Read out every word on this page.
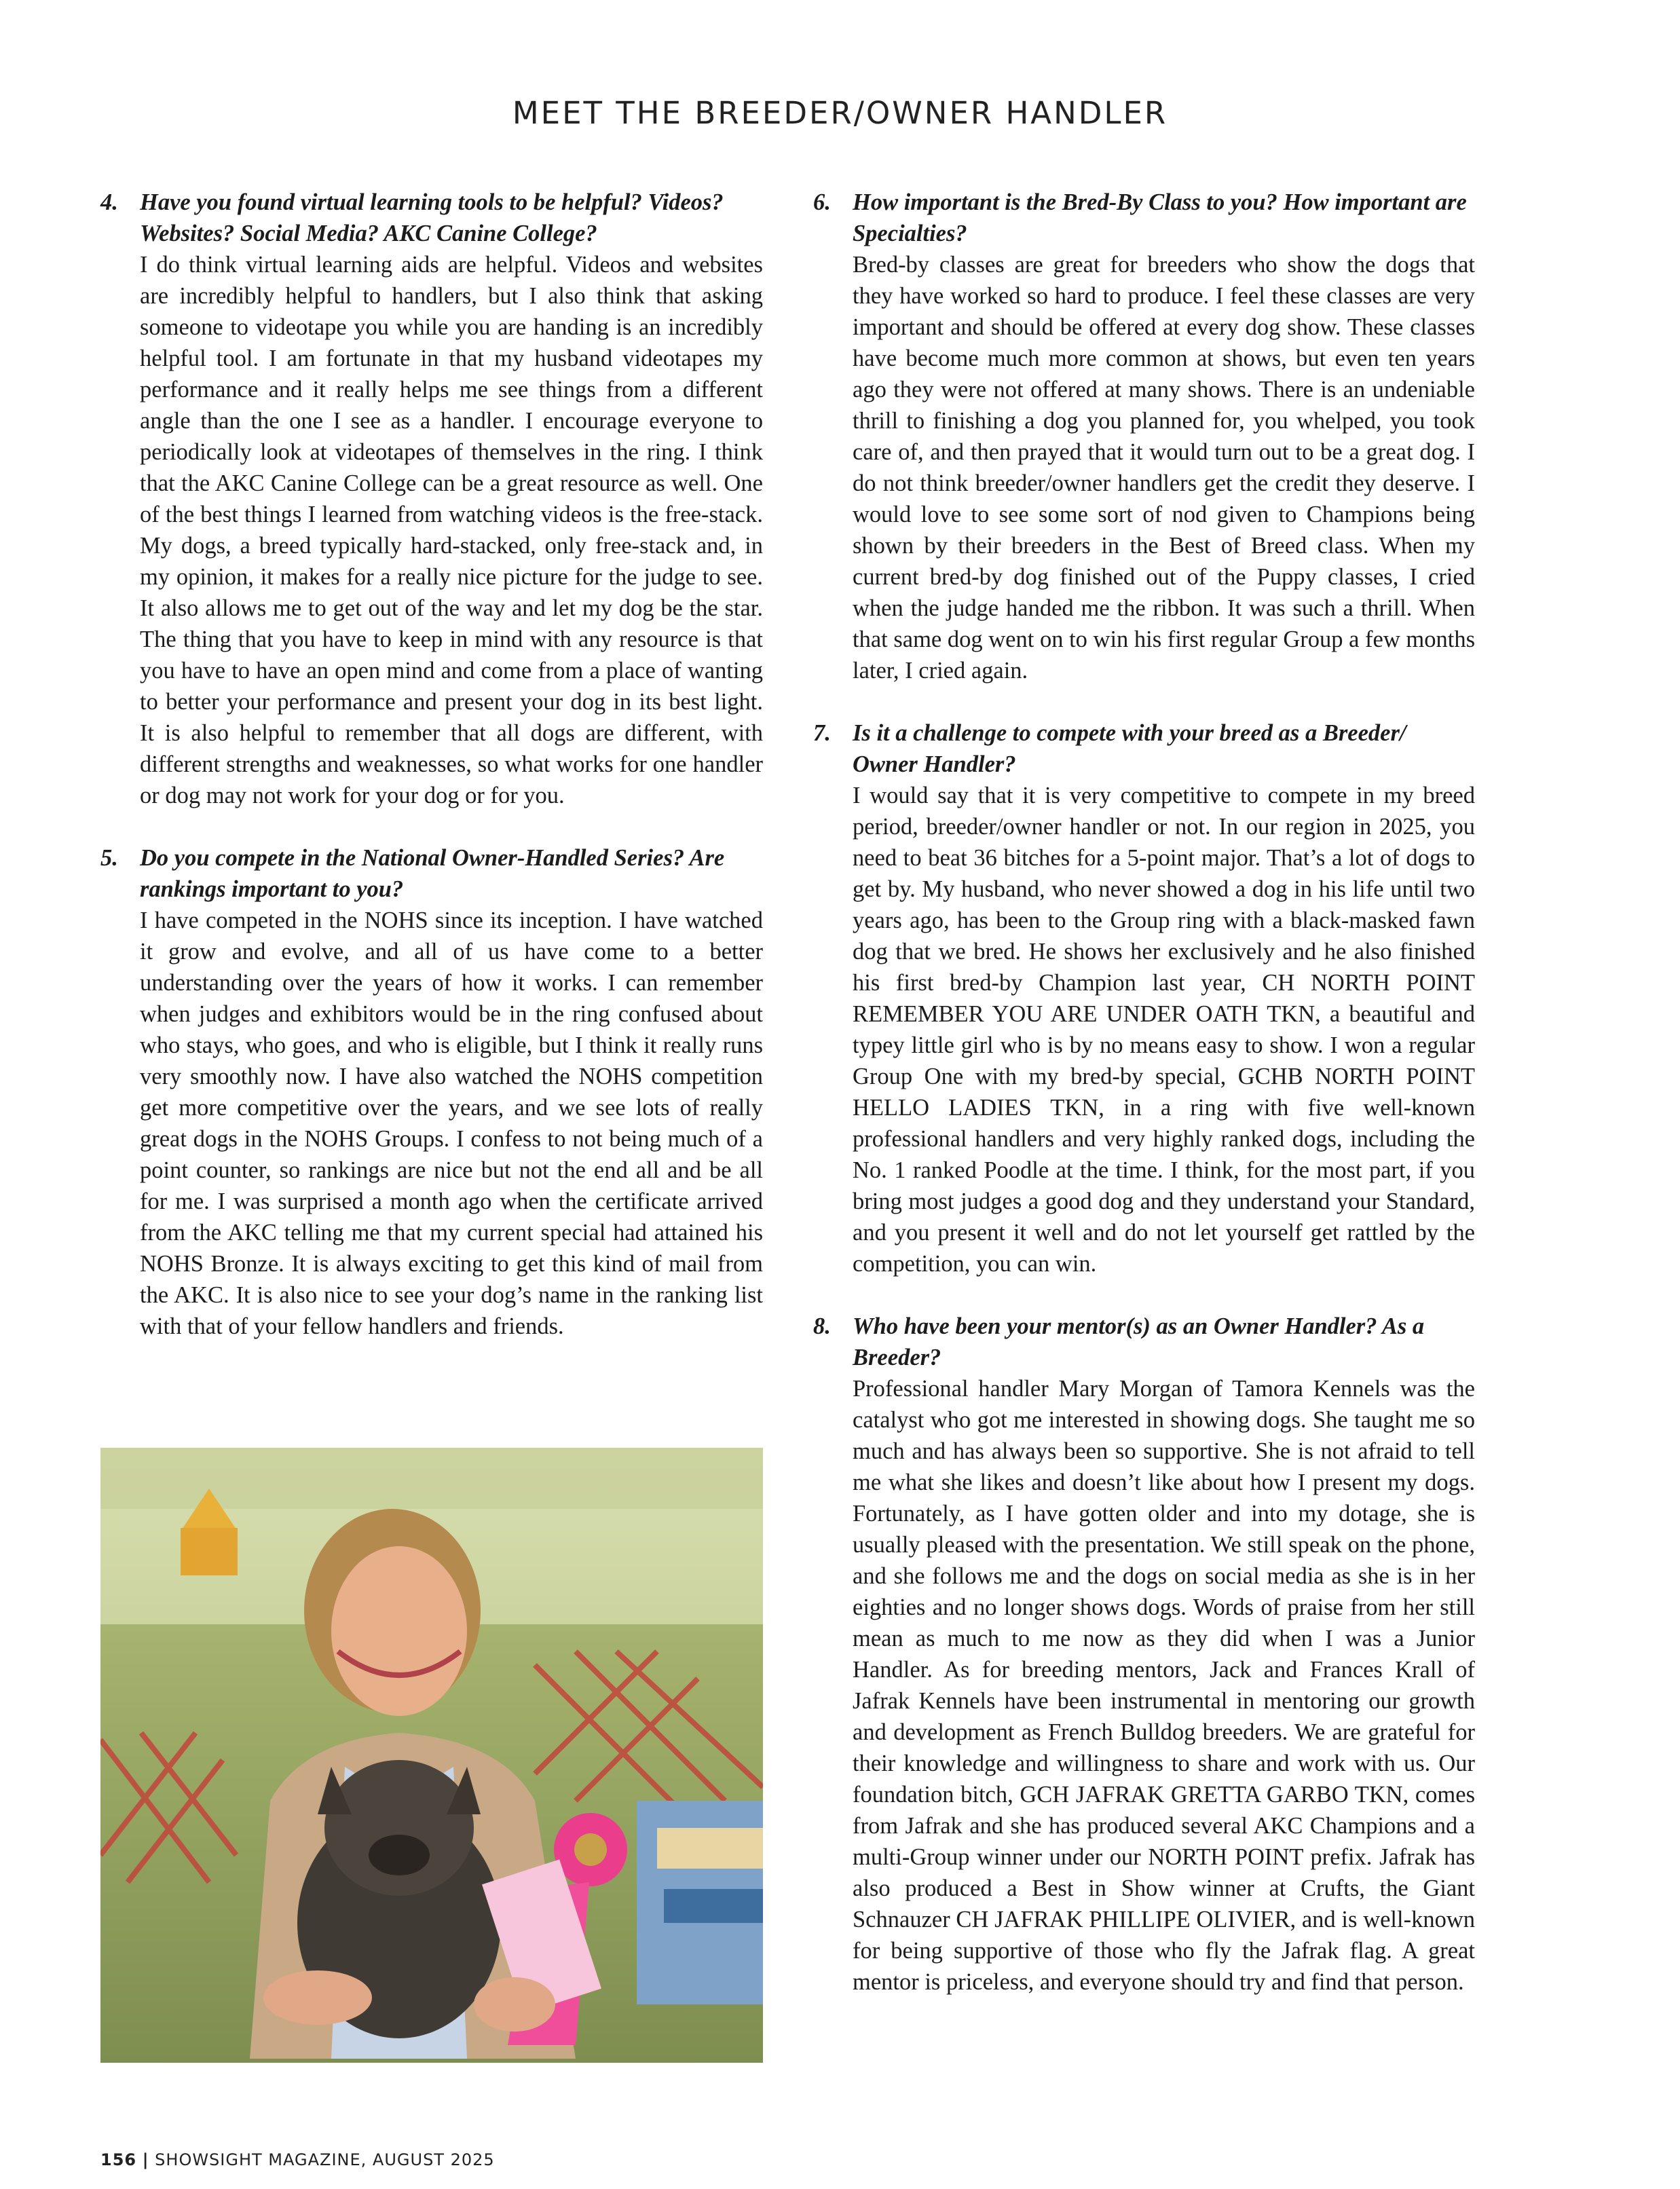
MEET THE BREEDER/OWNER HANDLER
4. Have you found virtual learning tools to be helpful? Videos? Websites? Social Media? AKC Canine College?
I do think virtual learning aids are helpful. Videos and websites are incredibly helpful to handlers, but I also think that asking someone to videotape you while you are handing is an incredibly helpful tool. I am fortunate in that my husband videotapes my performance and it really helps me see things from a different angle than the one I see as a handler. I encourage everyone to periodically look at videotapes of themselves in the ring. I think that the AKC Canine College can be a great resource as well. One of the best things I learned from watching videos is the free-stack. My dogs, a breed typically hard-stacked, only free-stack and, in my opinion, it makes for a really nice picture for the judge to see. It also allows me to get out of the way and let my dog be the star. The thing that you have to keep in mind with any resource is that you have to have an open mind and come from a place of wanting to better your performance and present your dog in its best light. It is also helpful to remember that all dogs are different, with different strengths and weaknesses, so what works for one handler or dog may not work for your dog or for you.
5. Do you compete in the National Owner-Handled Series? Are rankings important to you?
I have competed in the NOHS since its inception. I have watched it grow and evolve, and all of us have come to a better understanding over the years of how it works. I can remember when judges and exhibitors would be in the ring confused about who stays, who goes, and who is eligible, but I think it really runs very smoothly now. I have also watched the NOHS competition get more competitive over the years, and we see lots of really great dogs in the NOHS Groups. I confess to not being much of a point counter, so rankings are nice but not the end all and be all for me. I was surprised a month ago when the certificate arrived from the AKC telling me that my current special had attained his NOHS Bronze. It is always exciting to get this kind of mail from the AKC. It is also nice to see your dog’s name in the ranking list with that of your fellow handlers and friends.
6. How important is the Bred-By Class to you? How important are Specialties?
Bred-by classes are great for breeders who show the dogs that they have worked so hard to produce. I feel these classes are very important and should be offered at every dog show. These classes have become much more common at shows, but even ten years ago they were not offered at many shows. There is an undeniable thrill to finishing a dog you planned for, you whelped, you took care of, and then prayed that it would turn out to be a great dog. I do not think breeder/owner handlers get the credit they deserve. I would love to see some sort of nod given to Champions being shown by their breeders in the Best of Breed class. When my current bred-by dog finished out of the Puppy classes, I cried when the judge handed me the ribbon. It was such a thrill. When that same dog went on to win his first regular Group a few months later, I cried again.
7. Is it a challenge to compete with your breed as a Breeder/ Owner Handler?
I would say that it is very competitive to compete in my breed period, breeder/owner handler or not. In our region in 2025, you need to beat 36 bitches for a 5-point major. That’s a lot of dogs to get by. My husband, who never showed a dog in his life until two years ago, has been to the Group ring with a black-masked fawn dog that we bred. He shows her exclusively and he also finished his first bred-by Champion last year, CH NORTH POINT REMEMBER YOU ARE UNDER OATH TKN, a beautiful and typey little girl who is by no means easy to show. I won a regular Group One with my bred-by special, GCHB NORTH POINT HELLO LADIES TKN, in a ring with five well-known professional handlers and very highly ranked dogs, including the No. 1 ranked Poodle at the time. I think, for the most part, if you bring most judges a good dog and they understand your Standard, and you present it well and do not let yourself get rattled by the competition, you can win.
8. Who have been your mentor(s) as an Owner Handler? As a Breeder?
Professional handler Mary Morgan of Tamora Kennels was the catalyst who got me interested in showing dogs. She taught me so much and has always been so supportive. She is not afraid to tell me what she likes and doesn’t like about how I present my dogs. Fortunately, as I have gotten older and into my dotage, she is usually pleased with the presentation. We still speak on the phone, and she follows me and the dogs on social media as she is in her eighties and no longer shows dogs. Words of praise from her still mean as much to me now as they did when I was a Junior Handler. As for breeding mentors, Jack and Frances Krall of Jafrak Kennels have been instrumental in mentoring our growth and development as French Bulldog breeders. We are grateful for their knowledge and willingness to share and work with us. Our foundation bitch, GCH JAFRAK GRETTA GARBO TKN, comes from Jafrak and she has produced several AKC Champions and a multi-Group winner under our NORTH POINT prefix. Jafrak has also produced a Best in Show winner at Crufts, the Giant Schnauzer CH JAFRAK PHILLIPE OLIVIER, and is well-known for being supportive of those who fly the Jafrak flag. A great mentor is priceless, and everyone should try and find that person.
156 | SHOWSIGHT MAGAZINE, AUGUST 2025
